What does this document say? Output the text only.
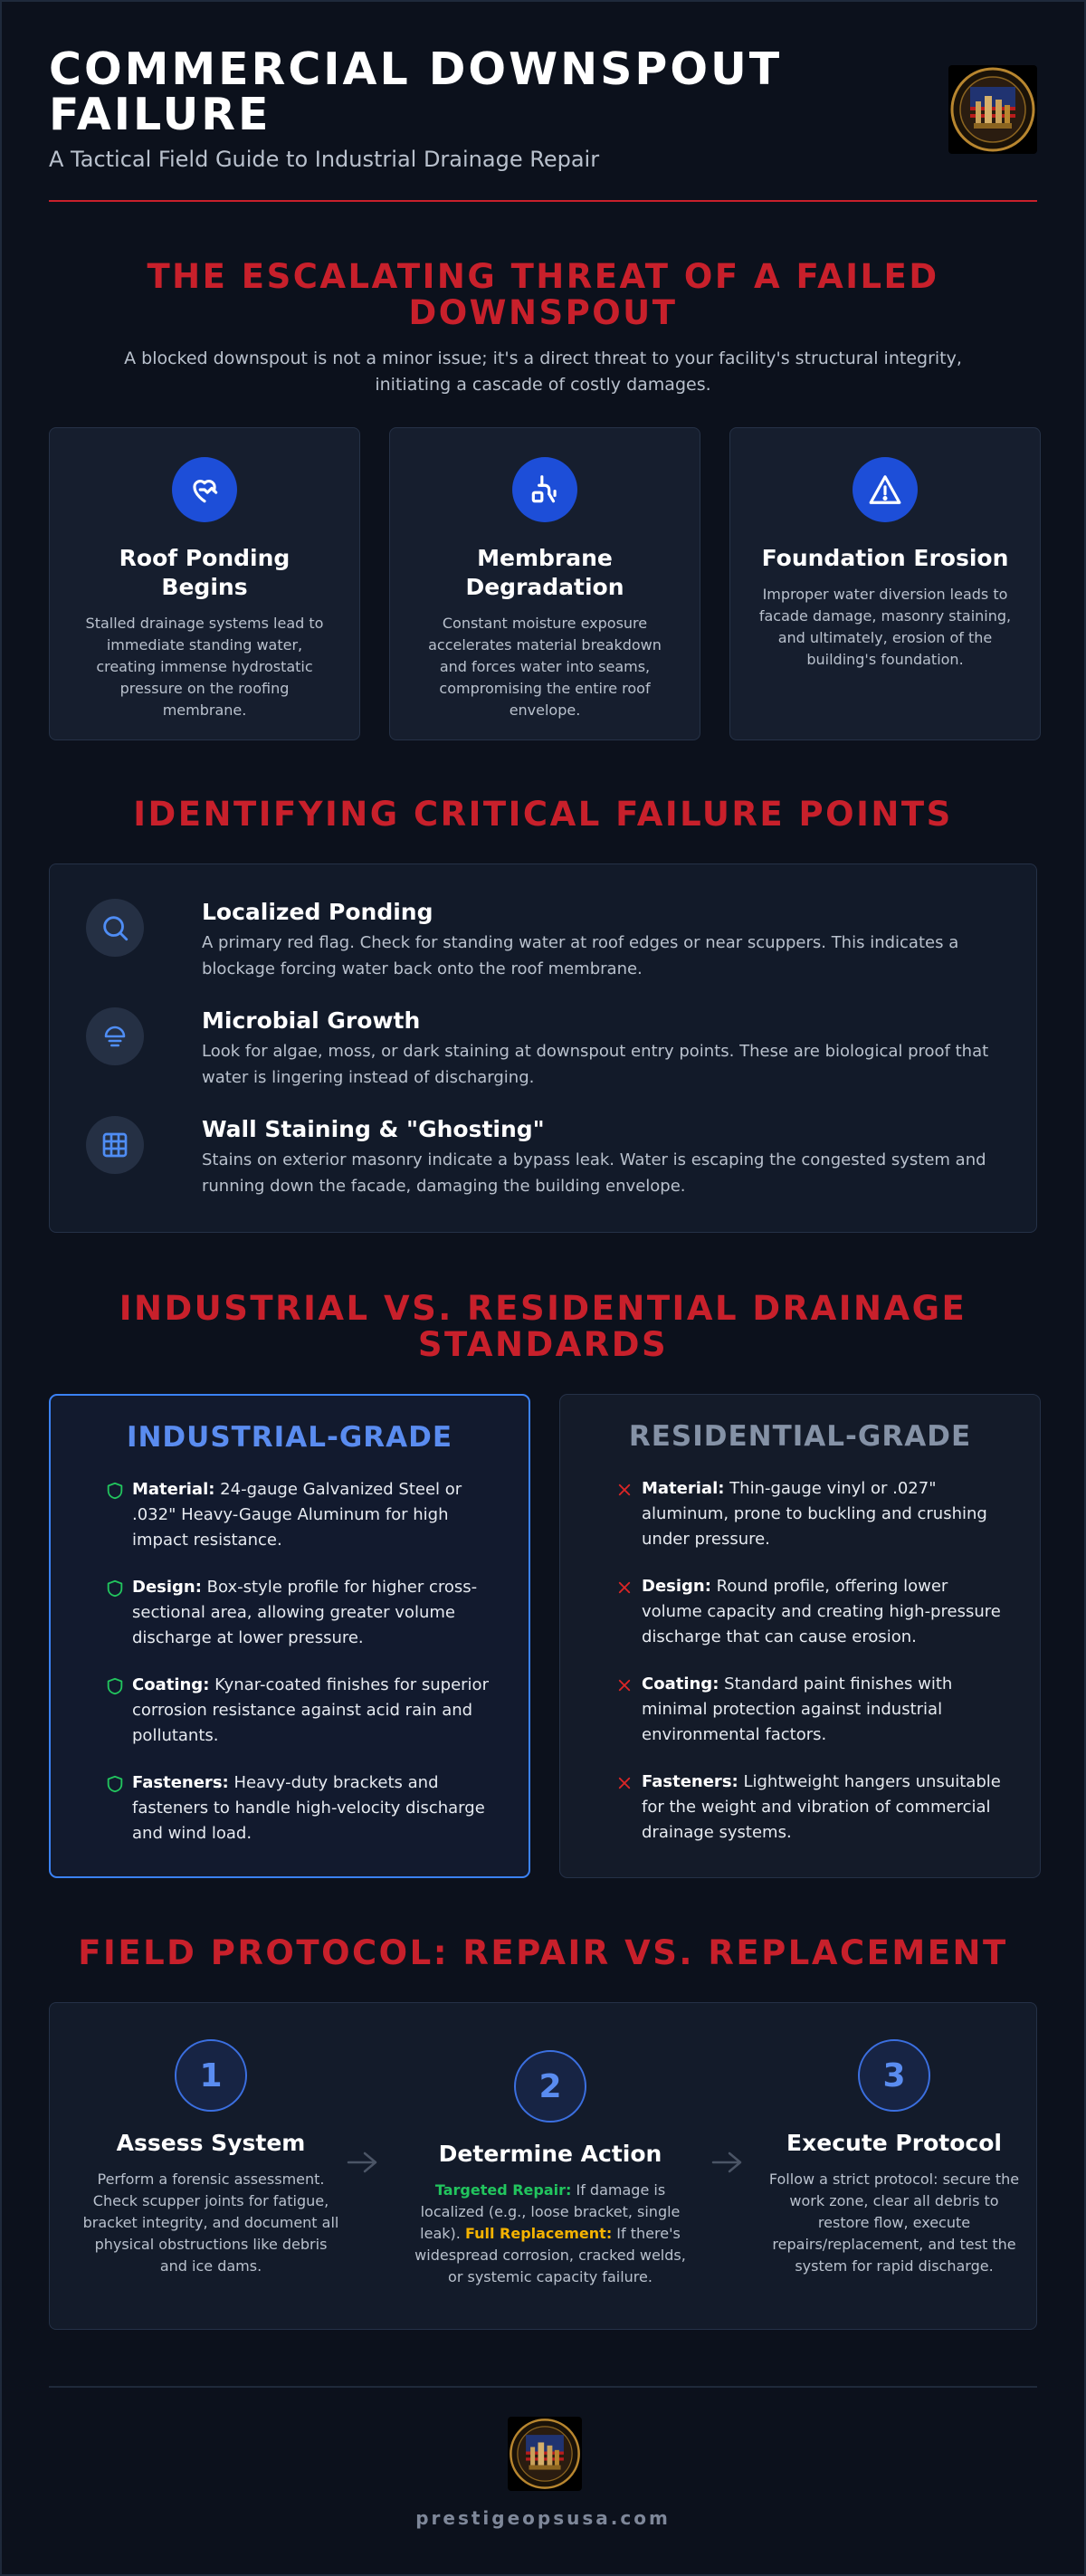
COMMERCIAL DOWNSPOUT FAILURE
A Tactical Field Guide to Industrial Drainage Repair
THE ESCALATING THREAT OF A FAILED DOWNSPOUT
A blocked downspout is not a minor issue; it's a direct threat to your facility's structural integrity, initiating a cascade of costly damages.
Roof Ponding Begins

Stalled drainage systems lead to immediate standing water, creating immense hydrostatic pressure on the roofing membrane.

Membrane Degradation

Constant moisture exposure accelerates material breakdown and forces water into seams, compromising the entire roof envelope.

Foundation Erosion

Improper water diversion leads to facade damage, masonry staining, and ultimately, erosion of the building's foundation.

IDENTIFYING CRITICAL FAILURE POINTS
Localized Ponding

A primary red flag. Check for standing water at roof edges or near scuppers. This indicates a blockage forcing water back onto the roof membrane.

Microbial Growth

Look for algae, moss, or dark staining at downspout entry points. These are biological proof that water is lingering instead of discharging.

Wall Staining & "Ghosting"

Stains on exterior masonry indicate a bypass leak. Water is escaping the congested system and running down the facade, damaging the building envelope.

INDUSTRIAL VS. RESIDENTIAL DRAINAGE STANDARDS
INDUSTRIAL-GRADE
Material: 24-gauge Galvanized Steel or .032" Heavy-Gauge Aluminum for high impact resistance.
Design: Box-style profile for higher cross-sectional area, allowing greater volume discharge at lower pressure.
Coating: Kynar-coated finishes for superior corrosion resistance against acid rain and pollutants.
Fasteners: Heavy-duty brackets and fasteners to handle high-velocity discharge and wind load.
RESIDENTIAL-GRADE
Material: Thin-gauge vinyl or .027" aluminum, prone to buckling and crushing under pressure.
Design: Round profile, offering lower volume capacity and creating high-pressure discharge that can cause erosion.
Coating: Standard paint finishes with minimal protection against industrial environmental factors.
Fasteners: Lightweight hangers unsuitable for the weight and vibration of commercial drainage systems.
FIELD PROTOCOL: REPAIR VS. REPLACEMENT
1
Assess System

Perform a forensic assessment. Check scupper joints for fatigue, bracket integrity, and document all physical obstructions like debris and ice dams.

2
Determine Action

Targeted Repair: If damage is localized (e.g., loose bracket, single leak). Full Replacement: If there's widespread corrosion, cracked welds, or systemic capacity failure.

3
Execute Protocol

Follow a strict protocol: secure the work zone, clear all debris to restore flow, execute repairs/replacement, and test the system for rapid discharge.

prestigeopsusa.com
